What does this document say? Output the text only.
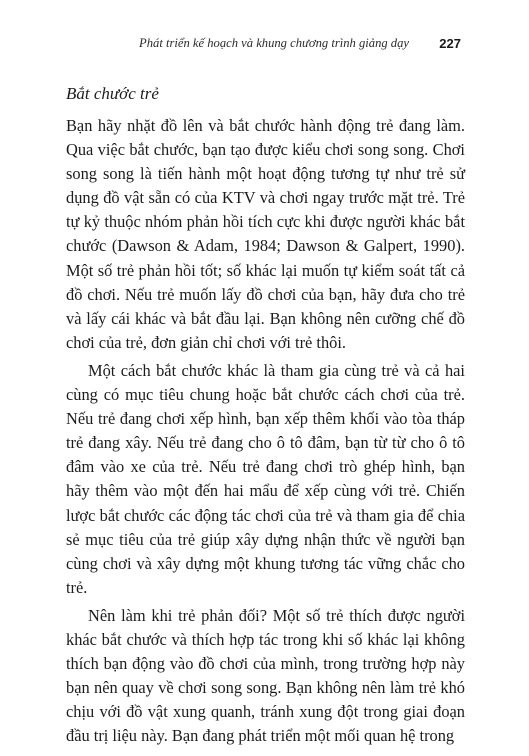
Phát triển kế hoạch và khung chương trình giảng dạy 227
Bắt chước trẻ

Bạn hãy nhặt đồ lên và bắt chước hành động trẻ đang làm. Qua việc bắt chước, bạn tạo được kiểu chơi song song. Chơi song song là tiến hành một hoạt động tương tự như trẻ sử dụng đồ vật sẵn có của KTV và chơi ngay trước mặt trẻ. Trẻ tự kỷ thuộc nhóm phản hồi tích cực khi được người khác bắt chước (Dawson & Adam, 1984; Dawson & Galpert, 1990). Một số trẻ phản hồi tốt; số khác lại muốn tự kiểm soát tất cả đồ chơi. Nếu trẻ muốn lấy đồ chơi của bạn, hãy đưa cho trẻ và lấy cái khác và bắt đầu lại. Bạn không nên cưỡng chế đồ chơi của trẻ, đơn giản chỉ chơi với trẻ thôi.

Một cách bắt chước khác là tham gia cùng trẻ và cả hai cùng có mục tiêu chung hoặc bắt chước cách chơi của trẻ. Nếu trẻ đang chơi xếp hình, bạn xếp thêm khối vào tòa tháp trẻ đang xây. Nếu trẻ đang cho ô tô đâm, bạn từ từ cho ô tô đâm vào xe của trẻ. Nếu trẻ đang chơi trò ghép hình, bạn hãy thêm vào một đến hai mẩu để xếp cùng với trẻ. Chiến lược bắt chước các động tác chơi của trẻ và tham gia để chia sẻ mục tiêu của trẻ giúp xây dựng nhận thức về người bạn cùng chơi và xây dựng một khung tương tác vững chắc cho trẻ.

Nên làm khi trẻ phản đối? Một số trẻ thích được người khác bắt chước và thích hợp tác trong khi số khác lại không thích bạn động vào đồ chơi của mình, trong trường hợp này bạn nên quay về chơi song song. Bạn không nên làm trẻ khó chịu với đồ vật xung quanh, tránh xung đột trong giai đoạn đầu trị liệu này. Bạn đang phát triển một mối quan hệ trong
